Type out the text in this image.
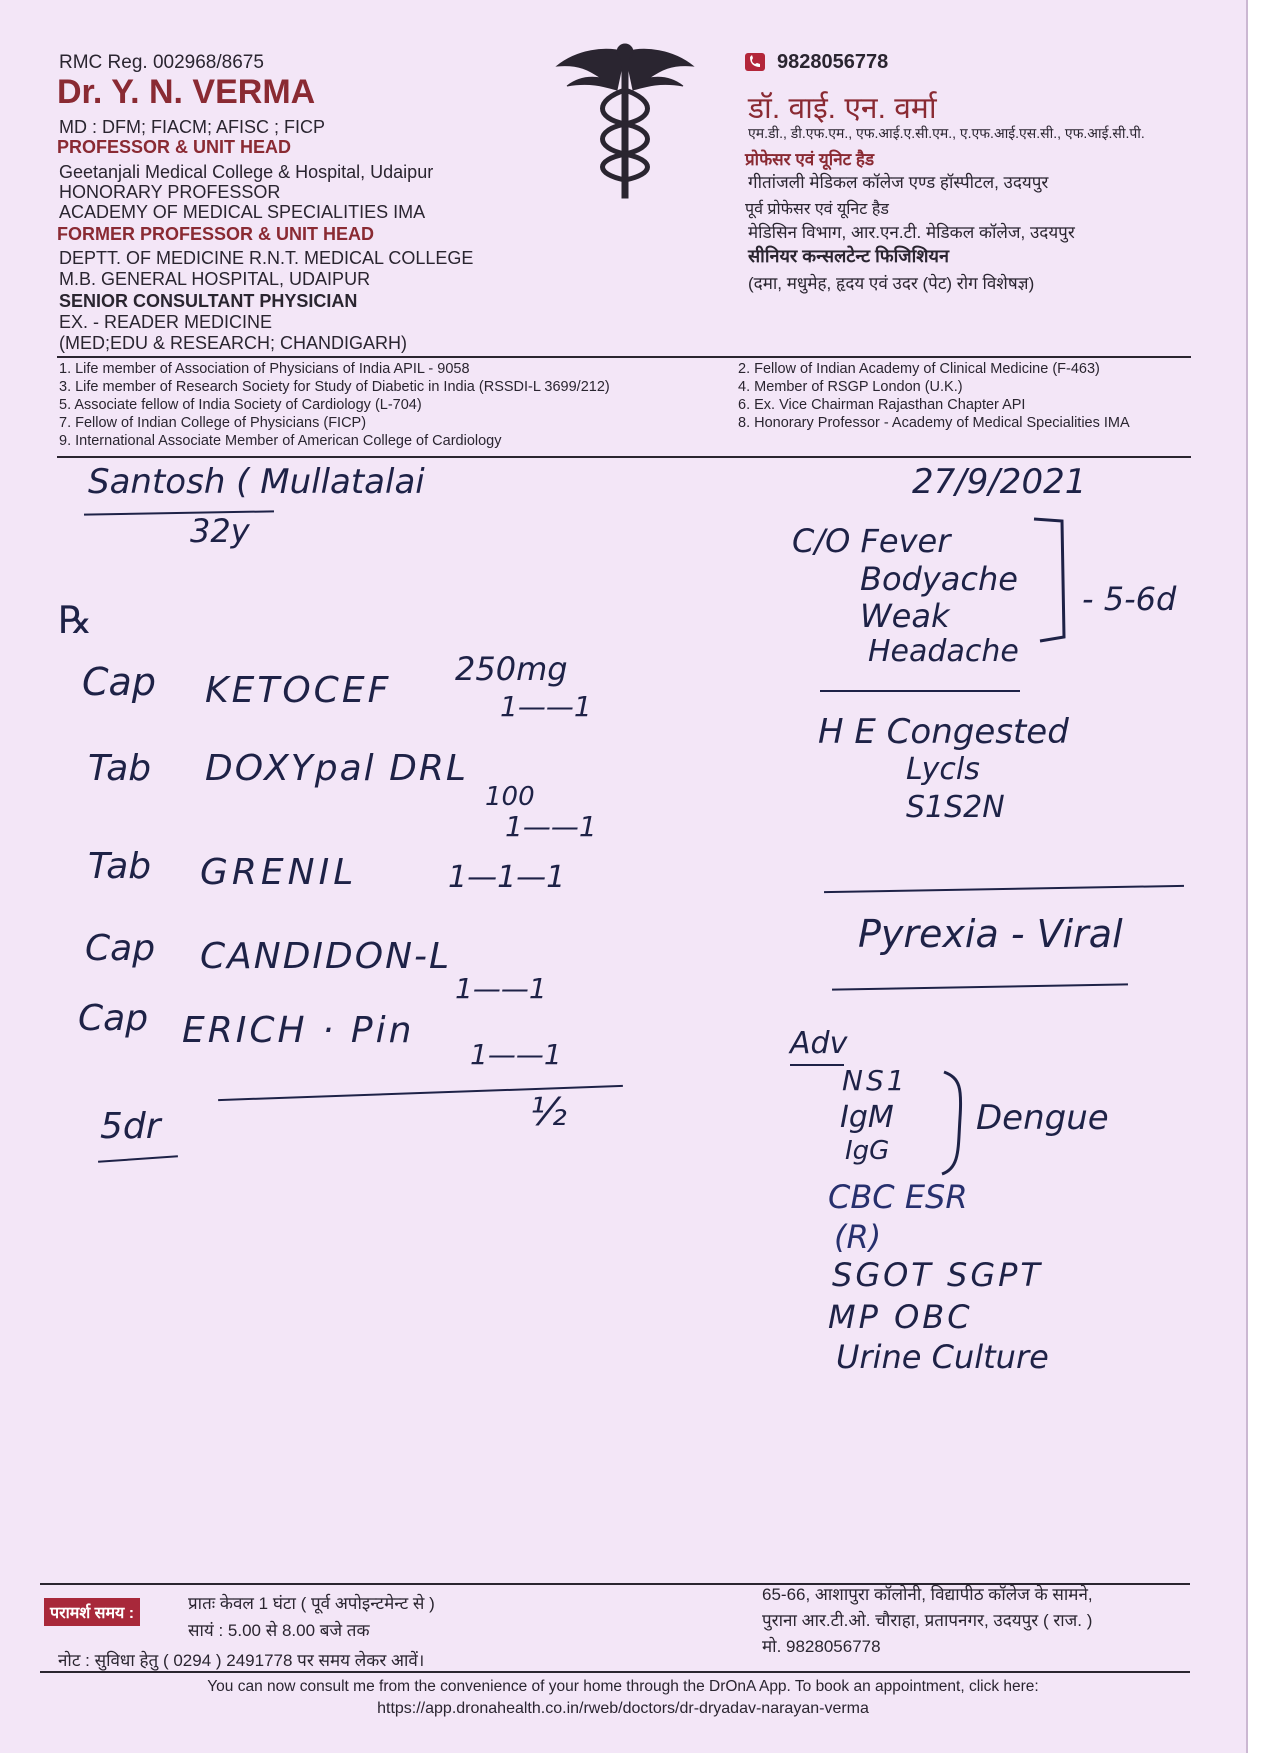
RMC Reg. 002968/8675
Dr. Y. N. VERMA
MD : DFM; FIACM; AFISC ; FICP
PROFESSOR & UNIT HEAD
Geetanjali Medical College & Hospital, Udaipur
HONORARY PROFESSOR
ACADEMY OF MEDICAL SPECIALITIES IMA
FORMER PROFESSOR & UNIT HEAD
DEPTT. OF MEDICINE R.N.T. MEDICAL COLLEGE
M.B. GENERAL HOSPITAL, UDAIPUR
SENIOR CONSULTANT PHYSICIAN
EX. - READER MEDICINE
(MED;EDU & RESEARCH; CHANDIGARH)
9828056778
डॉ. वाई. एन. वर्मा
एम.डी., डी.एफ.एम., एफ.आई.ए.सी.एम., ए.एफ.आई.एस.सी., एफ.आई.सी.पी.
प्रोफेसर एवं यूनिट हैड
गीतांजली मेडिकल कॉलेज एण्ड हॉस्पीटल, उदयपुर
पूर्व प्रोफेसर एवं यूनिट हैड
मेडिसिन विभाग, आर.एन.टी. मेडिकल कॉलेज, उदयपुर
सीनियर कन्सलटेन्ट फिजिशियन
(दमा, मधुमेह, हृदय एवं उदर (पेट) रोग विशेषज्ञ)
1. Life member of Association of Physicians of India APIL - 9058
3. Life member of Research Society for Study of Diabetic in India (RSSDI-L 3699/212)
5. Associate fellow of India Society of Cardiology (L-704)
7. Fellow of Indian College of Physicians (FICP)
9. International Associate Member of American College of Cardiology
2. Fellow of Indian Academy of Clinical Medicine (F-463)
4. Member of RSGP London (U.K.)
6. Ex. Vice Chairman Rajasthan Chapter API
8. Honorary Professor - Academy of Medical Specialities IMA
Santosh ( Mullatalai
32y
℞
Cap KETOCEF
250mg
1——1
Tab DOXYpal DRL
100
1——1
Tab GRENIL	1—1—1
Cap CANDIDON-L
1——1
Cap ERICH · Pin
1——1
5dr	½
27/9/2021
C/O Fever
Bodyache
Weak
Headache
- 5-6d
H E Congested
Lycls
S1S2N
Pyrexia - Viral
Adv
NS1
IgM
IgG
Dengue
CBC ESR
(R)
SGOT SGPT
MP OBC
Urine Culture
परामर्श समय :
प्रातः केवल 1 घंटा ( पूर्व अपोइन्टमेन्ट से )
सायं : 5.00 से 8.00 बजे तक
नोट : सुविधा हेतु ( 0294 ) 2491778 पर समय लेकर आवें।
65-66, आशापुरा कॉलोनी, विद्यापीठ कॉलेज के सामने,
पुराना आर.टी.ओ. चौराहा, प्रतापनगर, उदयपुर ( राज. )
मो. 9828056778
You can now consult me from the convenience of your home through the DrOnA App. To book an appointment, click here:
https://app.dronahealth.co.in/rweb/doctors/dr-dryadav-narayan-verma
